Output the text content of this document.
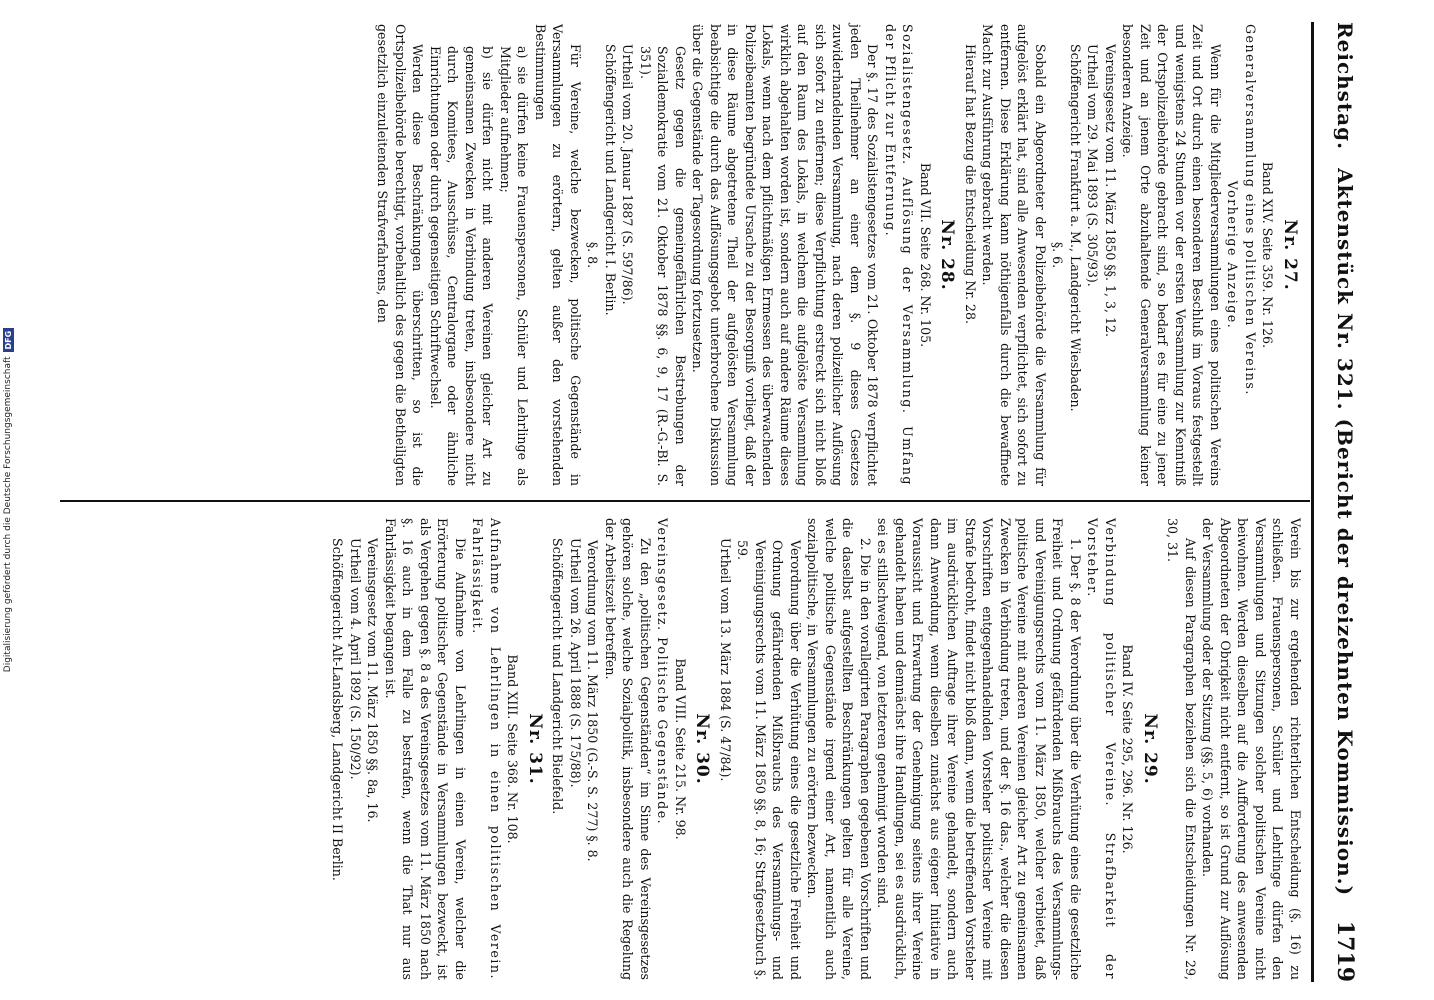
Reichstag.
Aktenstück Nr. 321. (Bericht der dreizehnten Kommission.)
1719

Nr. 27.

Band XIV. Seite 359. Nr. 126.

Generalversammlung eines politischen Vereins.

Vorherige Anzeige.

Wenn für die Mitgliederversammlungen eines politischen Vereins Zeit und Ort durch einen besonderen Beschluß im Voraus festgestellt und wenigstens 24 Stunden vor der ersten Versammlung zur Kenntniß der Ortspolizeibehörde gebracht sind, so bedarf es für eine zu jener Zeit und an jenem Orte abzuhaltende Generalversammlung keiner besonderen Anzeige.

Vereinsgesetz vom 11. März 1850 §§. 1, 3, 12.

Urtheil vom 29. Mai 1893 (S. 305/93).

Schöffengericht Frankfurt a. M., Landgericht Wiesbaden.

§. 6.

Sobald ein Abgeordneter der Polizeibehörde die Versammlung für aufgelöst erklärt hat, sind alle Anwesenden verpflichtet, sich sofort zu entfernen. Diese Erklärung kann nöthigenfalls durch die bewaffnete Macht zur Ausführung gebracht werden.

Hierauf hat Bezug die Entscheidung Nr. 28.

Nr. 28.

Band VII. Seite 268. Nr. 105.

Sozialistengesetz. Auflösung der Versammlung. Umfang der Pflicht zur Entfernung.

Der §. 17 des Sozialistengesetzes vom 21. Oktober 1878 verpflichtet jeden Theilnehmer an einer dem §. 9 dieses Gesetzes zuwiderhandelnden Versammlung, nach deren polizeilicher Auflösung sich sofort zu entfernen; diese Verpflichtung erstreckt sich nicht bloß auf den Raum des Lokals, in welchem die aufgelöste Versammlung wirklich abgehalten worden ist, sondern auch auf andere Räume dieses Lokals, wenn nach dem pflichtmäßigen Ermessen des überwachenden Polizeibeamten begründete Ursache zu der Besorgniß vorliegt, daß der in diese Räume abgetretene Theil der aufgelösten Versammlung beabsichtige die durch das Auflösungsgebot unterbrochene Diskussion über die Gegenstände der Tagesordnung fortzusetzen.

Gesetz gegen die gemeingefährlichen Bestrebungen der Sozialdemokratie vom 21. Oktober 1878 §§. 6, 9, 17 (R.-G.-Bl. S. 351).

Urtheil vom 20. Januar 1887 (S. 597/86).

Schöffengericht und Landgericht I. Berlin.

§. 8.

Für Vereine, welche bezwecken, politische Gegenstände in Versammlungen zu erörtern, gelten außer den vorstehenden Bestimmungen

a) sie dürfen keine Frauenspersonen, Schüler und Lehrlinge als Mitglieder aufnehmen;

b) sie dürfen nicht mit anderen Vereinen gleicher Art zu gemeinsamen Zwecken in Verbindung treten, insbesondere nicht durch Komitees, Ausschüsse, Centralorgane oder ähnliche Einrichtungen oder durch gegenseitigen Schriftwechsel.

Werden diese Beschränkungen überschritten, so ist die Ortspolizeibehörde berechtigt, vorbehaltlich des gegen die Betheiligten gesetzlich einzuleitenden Strafverfahrens, den

Verein bis zur ergehenden richterlichen Entscheidung (§. 16) zu schließen. Frauenspersonen, Schüler und Lehrlinge dürfen den Versammlungen und Sitzungen solcher politischen Vereine nicht beiwohnen. Werden dieselben auf die Aufforderung des anwesenden Abgeordneten der Obrigkeit nicht entfernt, so ist Grund zur Auflösung der Versammlung oder der Sitzung (§§. 5, 6) vorhanden.

Auf diesen Paragraphen beziehen sich die Entscheidungen Nr. 29, 30, 31.

Nr. 29.

Band IV. Seite 295, 296. Nr. 126.

Verbindung politischer Vereine. Strafbarkeit der Vorsteher.

1. Der §. 8 der Verordnung über die Verhütung eines die gesetzliche Freiheit und Ordnung gefährdenden Mißbrauchs des Versammlungs- und Vereinigungsrechts vom 11. März 1850, welcher verbietet, daß politische Vereine mit anderen Vereinen gleicher Art zu gemeinsamen Zwecken in Verbindung treten, und der §. 16 das., welcher die diesen Vorschriften entgegenhandelnden Vorsteher politischer Vereine mit Strafe bedroht, findet nicht bloß dann, wenn die betreffenden Vorsteher im ausdrücklichen Auftrage ihrer Vereine gehandelt, sondern auch dann Anwendung, wenn dieselben zunächst aus eigener Initiative in Voraussicht und Erwartung der Genehmigung seitens ihrer Vereine gehandelt haben und demnächst ihre Handlungen, sei es ausdrücklich, sei es stillschweigend, von letzteren genehmigt worden sind.

2. Die in den vorallegirten Paragraphen gegebenen Vorschriften und die daselbst aufgestellten Beschränkungen gelten für alle Vereine, welche politische Gegenstände irgend einer Art, namentlich auch sozialpolitische, in Versammlungen zu erörtern bezwecken.

Verordnung über die Verhütung eines die gesetzliche Freiheit und Ordnung gefährdenden Mißbrauchs des Versammlungs- und Vereinigungsrechts vom 11. März 1850 §§. 8, 16; Strafgesetzbuch §. 59.

Urtheil vom 13. März 1884 (S. 47/84).

Nr. 30.

Band VIII. Seite 215. Nr. 98.

Vereinsgesetz. Politische Gegenstände.

Zu den „politischen Gegenständen“ im Sinne des Vereinsgesetzes gehören solche, welche Sozialpolitik, insbesondere auch die Regelung der Arbeitszeit betreffen.

Verordnung vom 11. März 1850 (G.-S. S. 277) §. 8.

Urtheil vom 26. April 1888 (S. 175/88).

Schöffengericht und Landgericht Bielefeld.

Nr. 31.

Band XIII. Seite 368. Nr. 108.

Aufnahme von Lehrlingen in einen politischen Verein. Fahrlässigkeit.

Die Aufnahme von Lehrlingen in einen Verein, welcher die Erörterung politischer Gegenstände in Versammlungen bezweckt, ist als Vergehen gegen §. 8 a des Vereinsgesetzes vom 11. März 1850 nach §. 16 auch in dem Falle zu bestrafen, wenn die That nur aus Fahrlässigkeit begangen ist.

Vereinsgesetz vom 11. März 1850 §§. 8a, 16.

Urtheil vom 4. April 1892 (S. 150/92).

Schöffengericht Alt-Landsberg, Landgericht II Berlin.

Digitalisierung gefördert durch die Deutsche Forschungsgemeinschaft
DFG
